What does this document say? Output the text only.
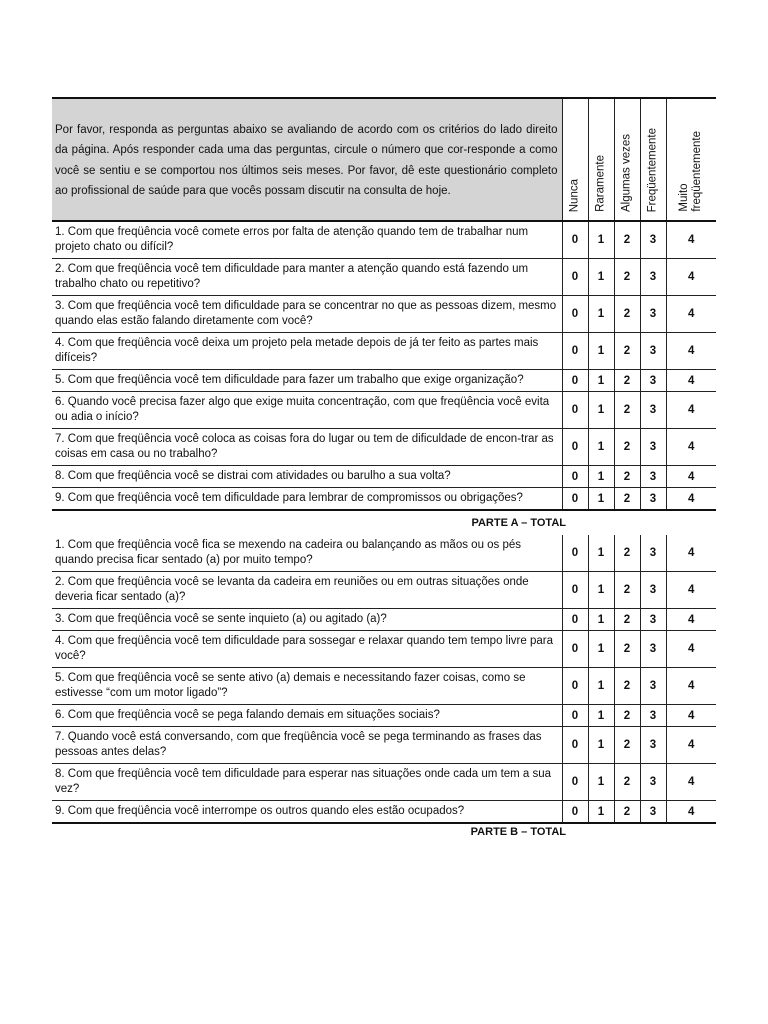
Por favor, responda as perguntas abaixo se avaliando de acordo com os critérios do lado direito da página. Após responder cada uma das perguntas, circule o número que cor-responde a como você se sentiu e se comportou nos últimos seis meses. Por favor, dê este questionário completo ao profissional de saúde para que vocês possam discutir na consulta de hoje.	Nunca	Raramente	Algumas vezes	Freqüentemente	Muito
freqüentemente

1. Com que freqüência você comete erros por falta de atenção quando tem de trabalhar num projeto chato ou difícil?	0	1	2	3	4
2. Com que freqüência você tem dificuldade para manter a atenção quando está fazendo um trabalho chato ou repetitivo?	0	1	2	3	4
3. Com que freqüência você tem dificuldade para se concentrar no que as pessoas dizem, mesmo quando elas estão falando diretamente com você?	0	1	2	3	4
4. Com que freqüência você deixa um projeto pela metade depois de já ter feito as partes mais difíceis?	0	1	2	3	4
5. Com que freqüência você tem dificuldade para fazer um trabalho que exige organização?	0	1	2	3	4
6. Quando você precisa fazer algo que exige muita concentração, com que freqüência você evita ou adia o início?	0	1	2	3	4
7. Com que freqüência você coloca as coisas fora do lugar ou tem de dificuldade de encon-trar as coisas em casa ou no trabalho?	0	1	2	3	4
8. Com que freqüência você se distrai com atividades ou barulho a sua volta?	0	1	2	3	4
9. Com que freqüência você tem dificuldade para lembrar de compromissos ou obrigações?	0	1	2	3	4
PARTE A – TOTAL					

1. Com que freqüência você fica se mexendo na cadeira ou balançando as mãos ou os pés quando precisa ficar sentado (a) por muito tempo?	0	1	2	3	4
2. Com que freqüência você se levanta da cadeira em reuniões ou em outras situações onde deveria ficar sentado (a)?	0	1	2	3	4
3. Com que freqüência você se sente inquieto (a) ou agitado (a)?	0	1	2	3	4
4. Com que freqüência você tem dificuldade para sossegar e relaxar quando tem tempo livre para você?	0	1	2	3	4
5. Com que freqüência você se sente ativo (a) demais e necessitando fazer coisas, como se estivesse “com um motor ligado”?	0	1	2	3	4
6. Com que freqüência você se pega falando demais em situações sociais?	0	1	2	3	4
7. Quando você está conversando, com que freqüência você se pega terminando as frases das pessoas antes delas?	0	1	2	3	4
8. Com que freqüência você tem dificuldade para esperar nas situações onde cada um tem a sua vez?	0	1	2	3	4
9. Com que freqüência você interrompe os outros quando eles estão ocupados?	0	1	2	3	4
PARTE B – TOTAL					
